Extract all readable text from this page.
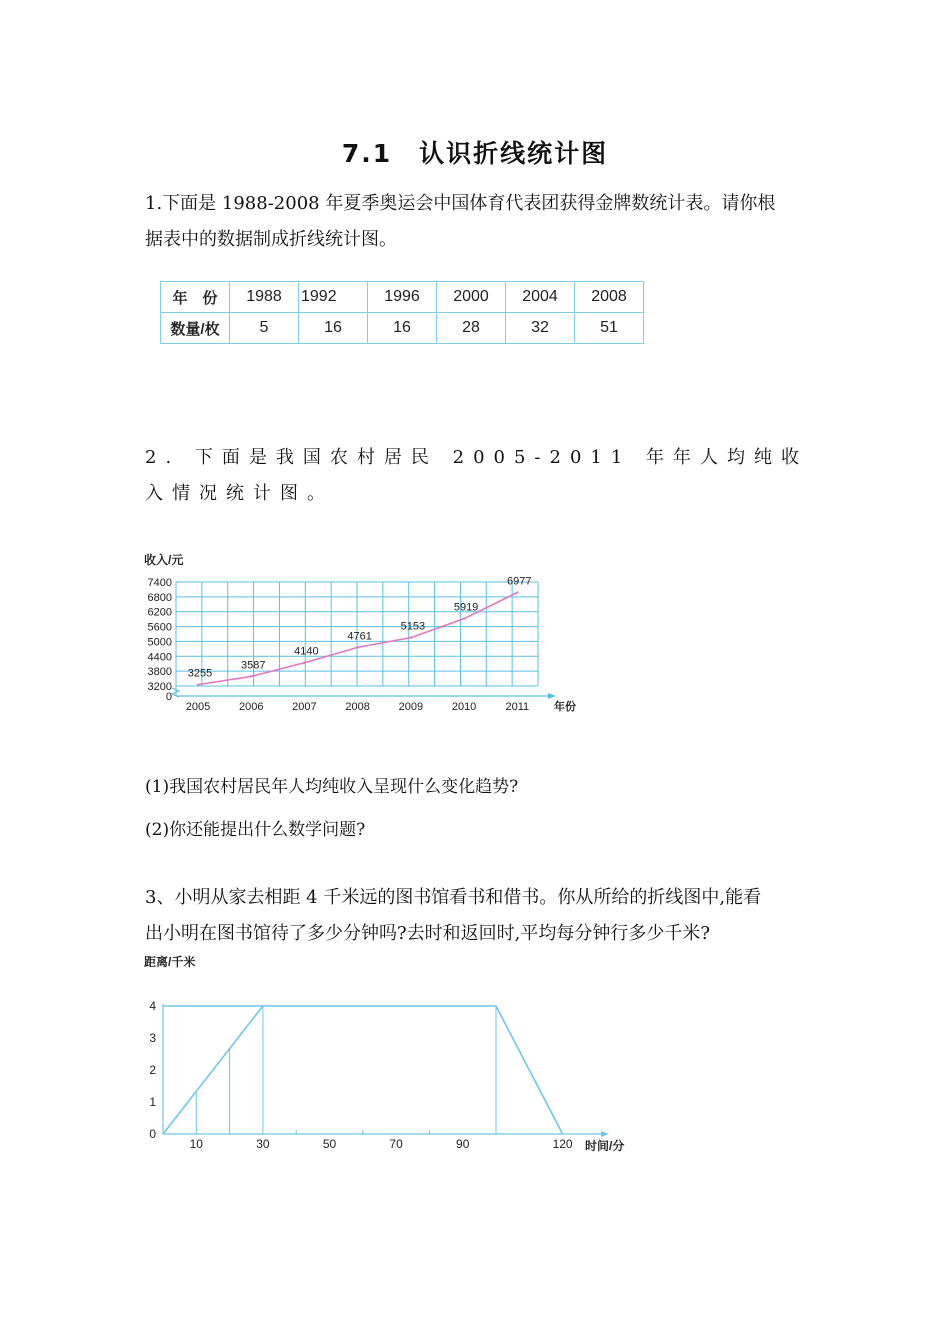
7.1　认识折线统计图
1.下面是 1988-2008 年夏季奥运会中国体育代表团获得金牌数统计表。请你根
据表中的数据制成折线统计图。
年　份	1988	1992	1996	2000	2004	2008
数量/枚	5	16	16	28	32	51
2. 下面是我国农村居民 2005-2011 年年人均纯收入情况统计图。
收入/元
3200
3800
4400
5000
5600
6200
6800
7400
0
年份
2005	2006	2007	2008	2009	2010	2011
3255
3587
4140
4761
5153
5919
6977
(1)我国农村居民年人均纯收入呈现什么变化趋势?
(2)你还能提出什么数学问题?
3、小明从家去相距 4 千米远的图书馆看书和借书。你从所给的折线图中,能看
出小明在图书馆待了多少分钟吗?去时和返回时,平均每分钟行多少千米?
距离/千米
时间/分
0
1
2
3
4
10	30	50	70	90	120
